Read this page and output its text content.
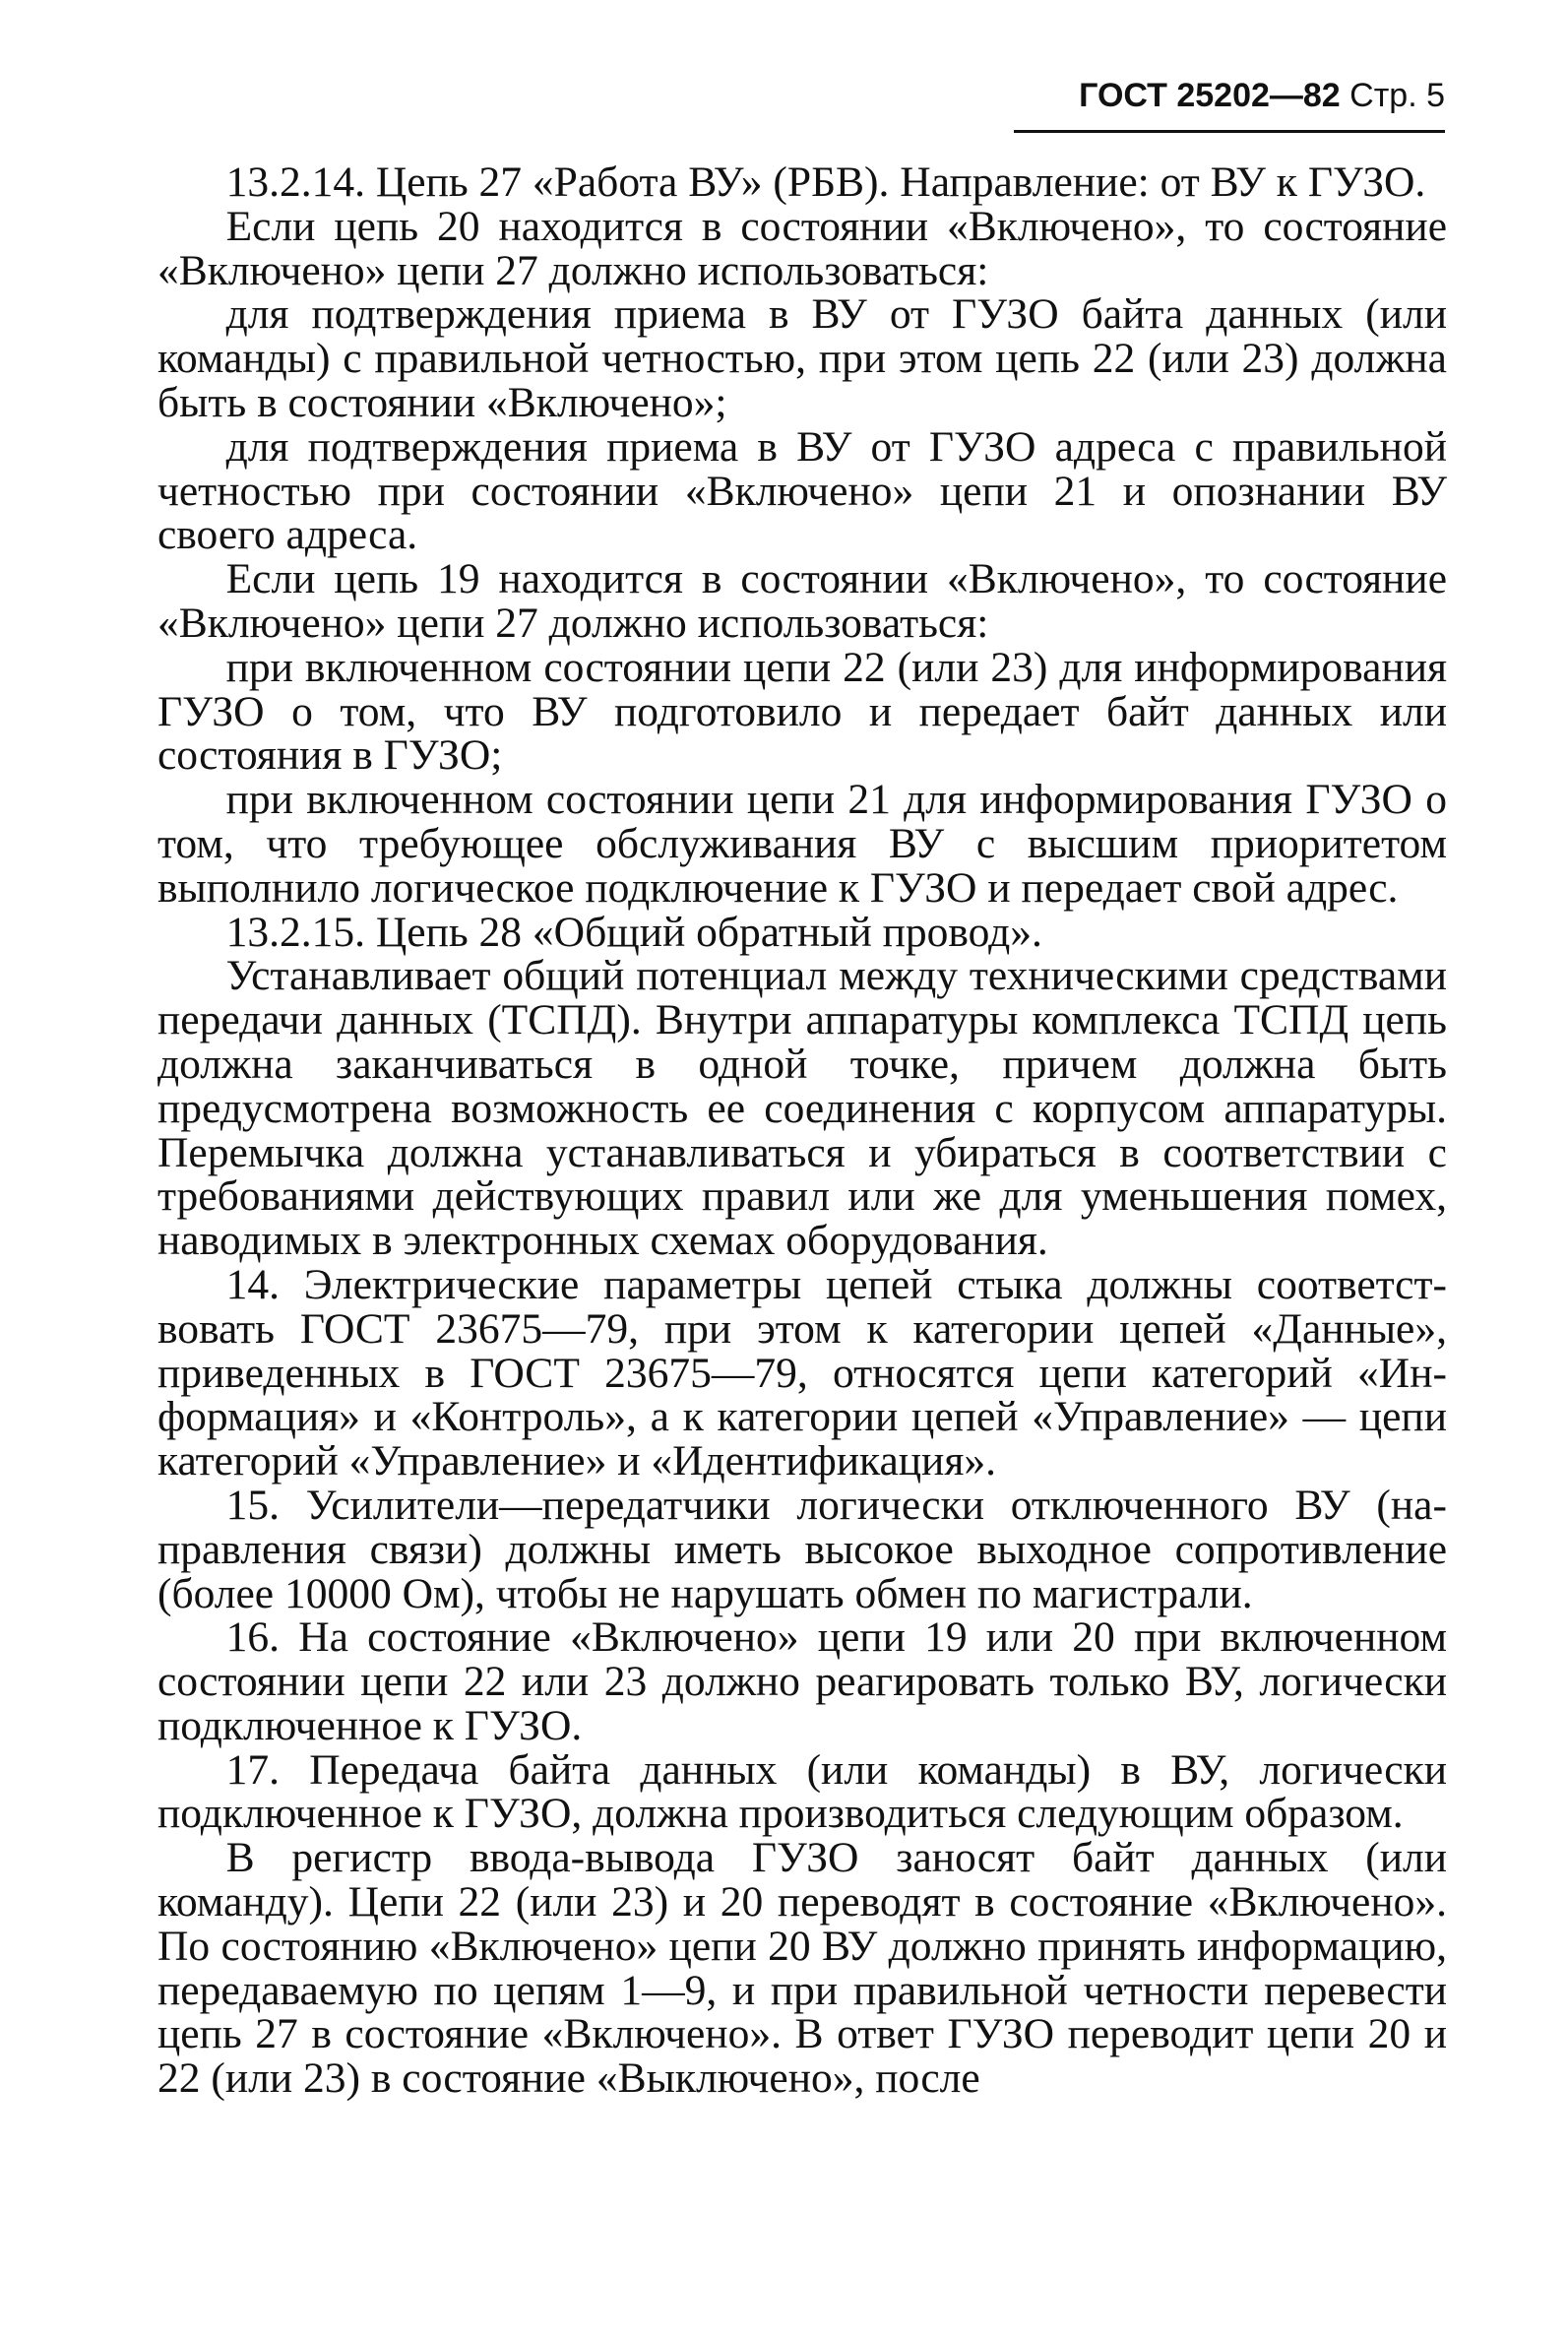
ГОСТ 25202—82 Стр. 5

13.2.14. Цепь 27 «Работа ВУ» (РБВ). Направление: от ВУ к ГУЗО.

Если цепь 20 находится в состоянии «Включено», то состояние «Включено» цепи 27 должно использоваться:

для подтверждения приема в ВУ от ГУЗО байта данных (или команды) с правильной четностью, при этом цепь 22 (или 23) должна быть в состоянии «Включено»;

для подтверждения приема в ВУ от ГУЗО адреса с правильной четностью при состоянии «Включено» цепи 21 и опознании ВУ своего адреса.

Если цепь 19 находится в состоянии «Включено», то состояние «Включено» цепи 27 должно использоваться:

при включенном состоянии цепи 22 (или 23) для информирования ГУЗО о том, что ВУ подготовило и передает байт данных или состояния в ГУЗО;

при включенном состоянии цепи 21 для информирования ГУЗО о том, что требующее обслуживания ВУ с высшим приоритетом выполнило логическое подключение к ГУЗО и передает свой адрес.

13.2.15. Цепь 28 «Общий обратный провод».

Устанавливает общий потенциал между техническими средствами передачи данных (ТСПД). Внутри аппаратуры комплекса ТСПД цепь должна заканчиваться в одной точке, причем должна быть предусмотрена возможность ее соединения с корпусом аппаратуры. Перемычка должна устанавливаться и убираться в соответствии с требованиями действующих правил или же для уменьшения помех, наводимых в электронных схемах оборудования.

14. Электрические параметры цепей стыка должны соответствовать ГОСТ 23675—79, при этом к категории цепей «Данные», приведенных в ГОСТ 23675—79, относятся цепи категорий «Информация» и «Контроль», а к категории цепей «Управление» — цепи категорий «Управление» и «Идентификация».

15. Усилители—передатчики логически отключенного ВУ (направления связи) должны иметь высокое выходное сопротивление (более 10000 Ом), чтобы не нарушать обмен по магистрали.

16. На состояние «Включено» цепи 19 или 20 при включенном состоянии цепи 22 или 23 должно реагировать только ВУ, логически подключенное к ГУЗО.

17. Передача байта данных (или команды) в ВУ, логически подключенное к ГУЗО, должна производиться следующим образом.

В регистр ввода-вывода ГУЗО заносят байт данных (или команду). Цепи 22 (или 23) и 20 переводят в состояние «Включено». По состоянию «Включено» цепи 20 ВУ должно принять информацию, передаваемую по цепям 1—9, и при правильной четности перевести цепь 27 в состояние «Включено». В ответ ГУЗО переводит цепи 20 и 22 (или 23) в состояние «Выключено», после
